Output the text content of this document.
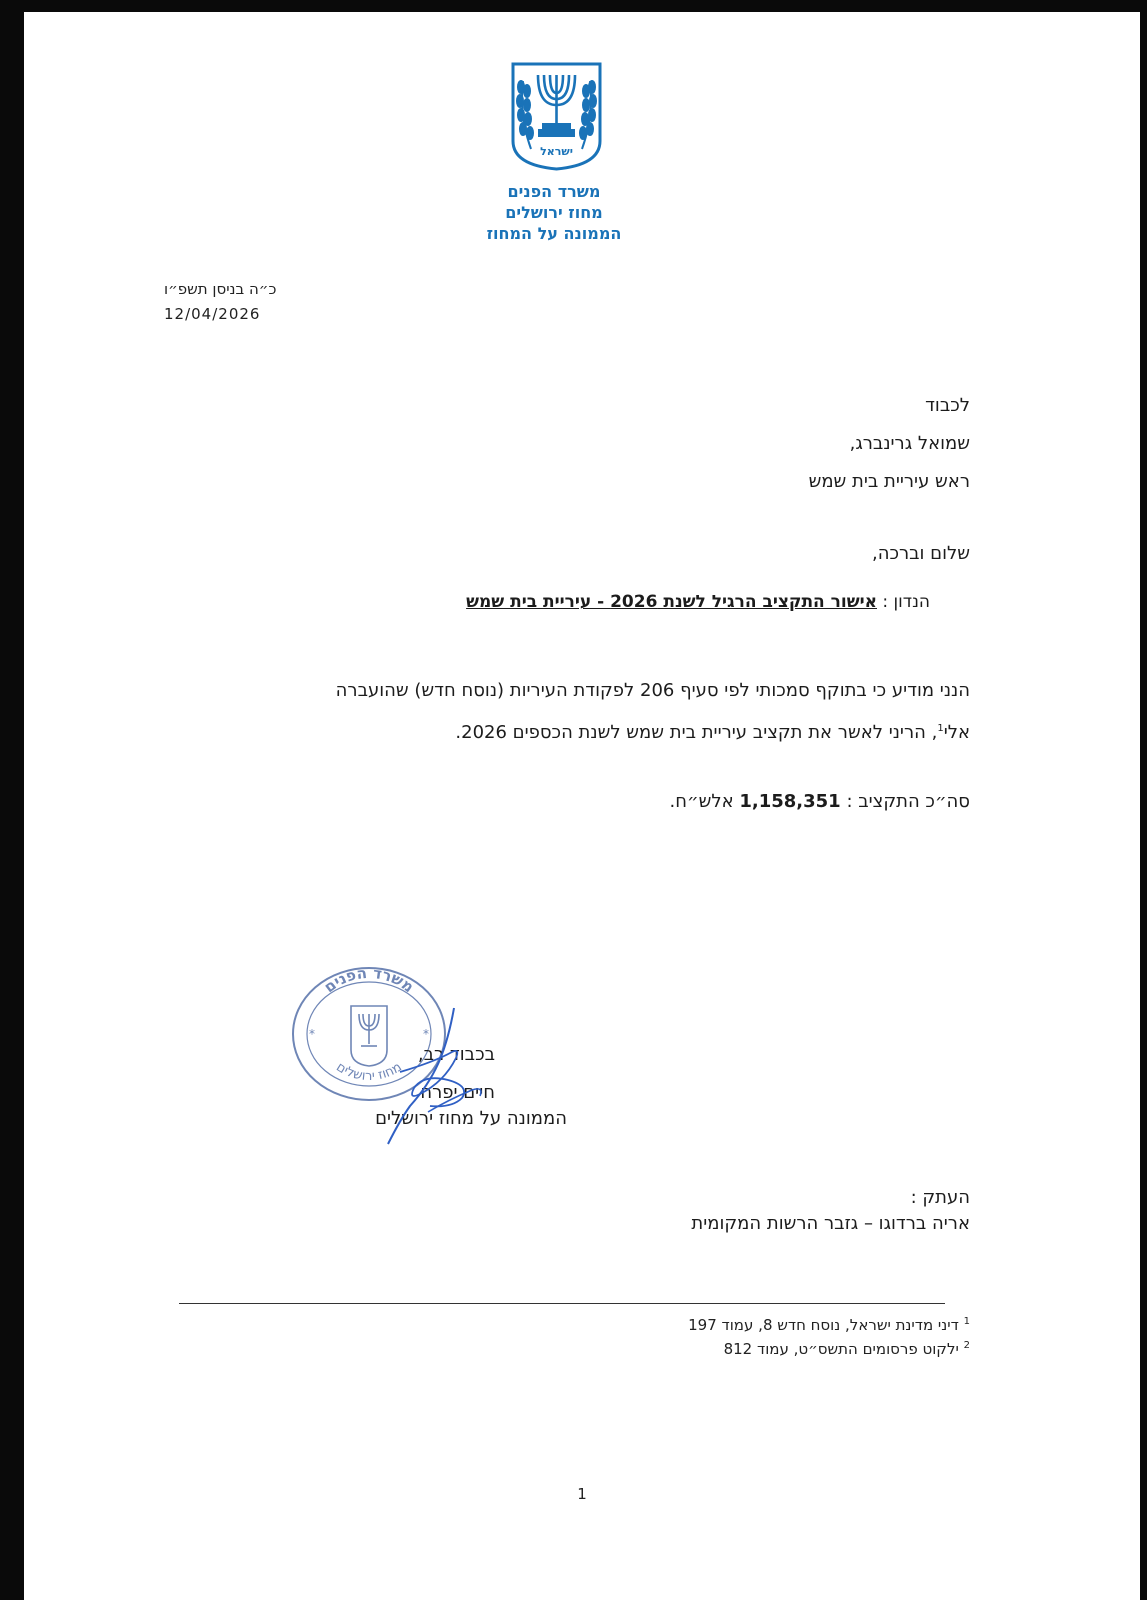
ישראל
משרד הפנים
מחוז ירושלים
הממונה על המחוז
כ״ה בניסן תשפ״ו
12/04/2026
לכבוד
שמואל גרינברג,
ראש עיריית בית שמש
שלום וברכה,
הנדון : אישור התקציב הרגיל לשנת 2026 - עיריית בית שמש
הנני מודיע כי בתוקף סמכותי לפי סעיף 206 לפקודת העיריות (נוסח חדש) שהועברה
אלי$^1$, הריני לאשר את תקציב עיריית בית שמש לשנת הכספים 2026.
סה״כ התקציב : 1,158,351 אלש״ח.
משרד הפנים
מחוז ירושלים
*	*
בכבוד רב,
חיים יפרח
הממונה על מחוז ירושלים
העתק :
אריה ברדוגו – גזבר הרשות המקומית
$^1$ דיני מדינת ישראל, נוסח חדש 8, עמוד 197
$^2$ ילקוט פרסומים התשס״ט, עמוד 812
1
